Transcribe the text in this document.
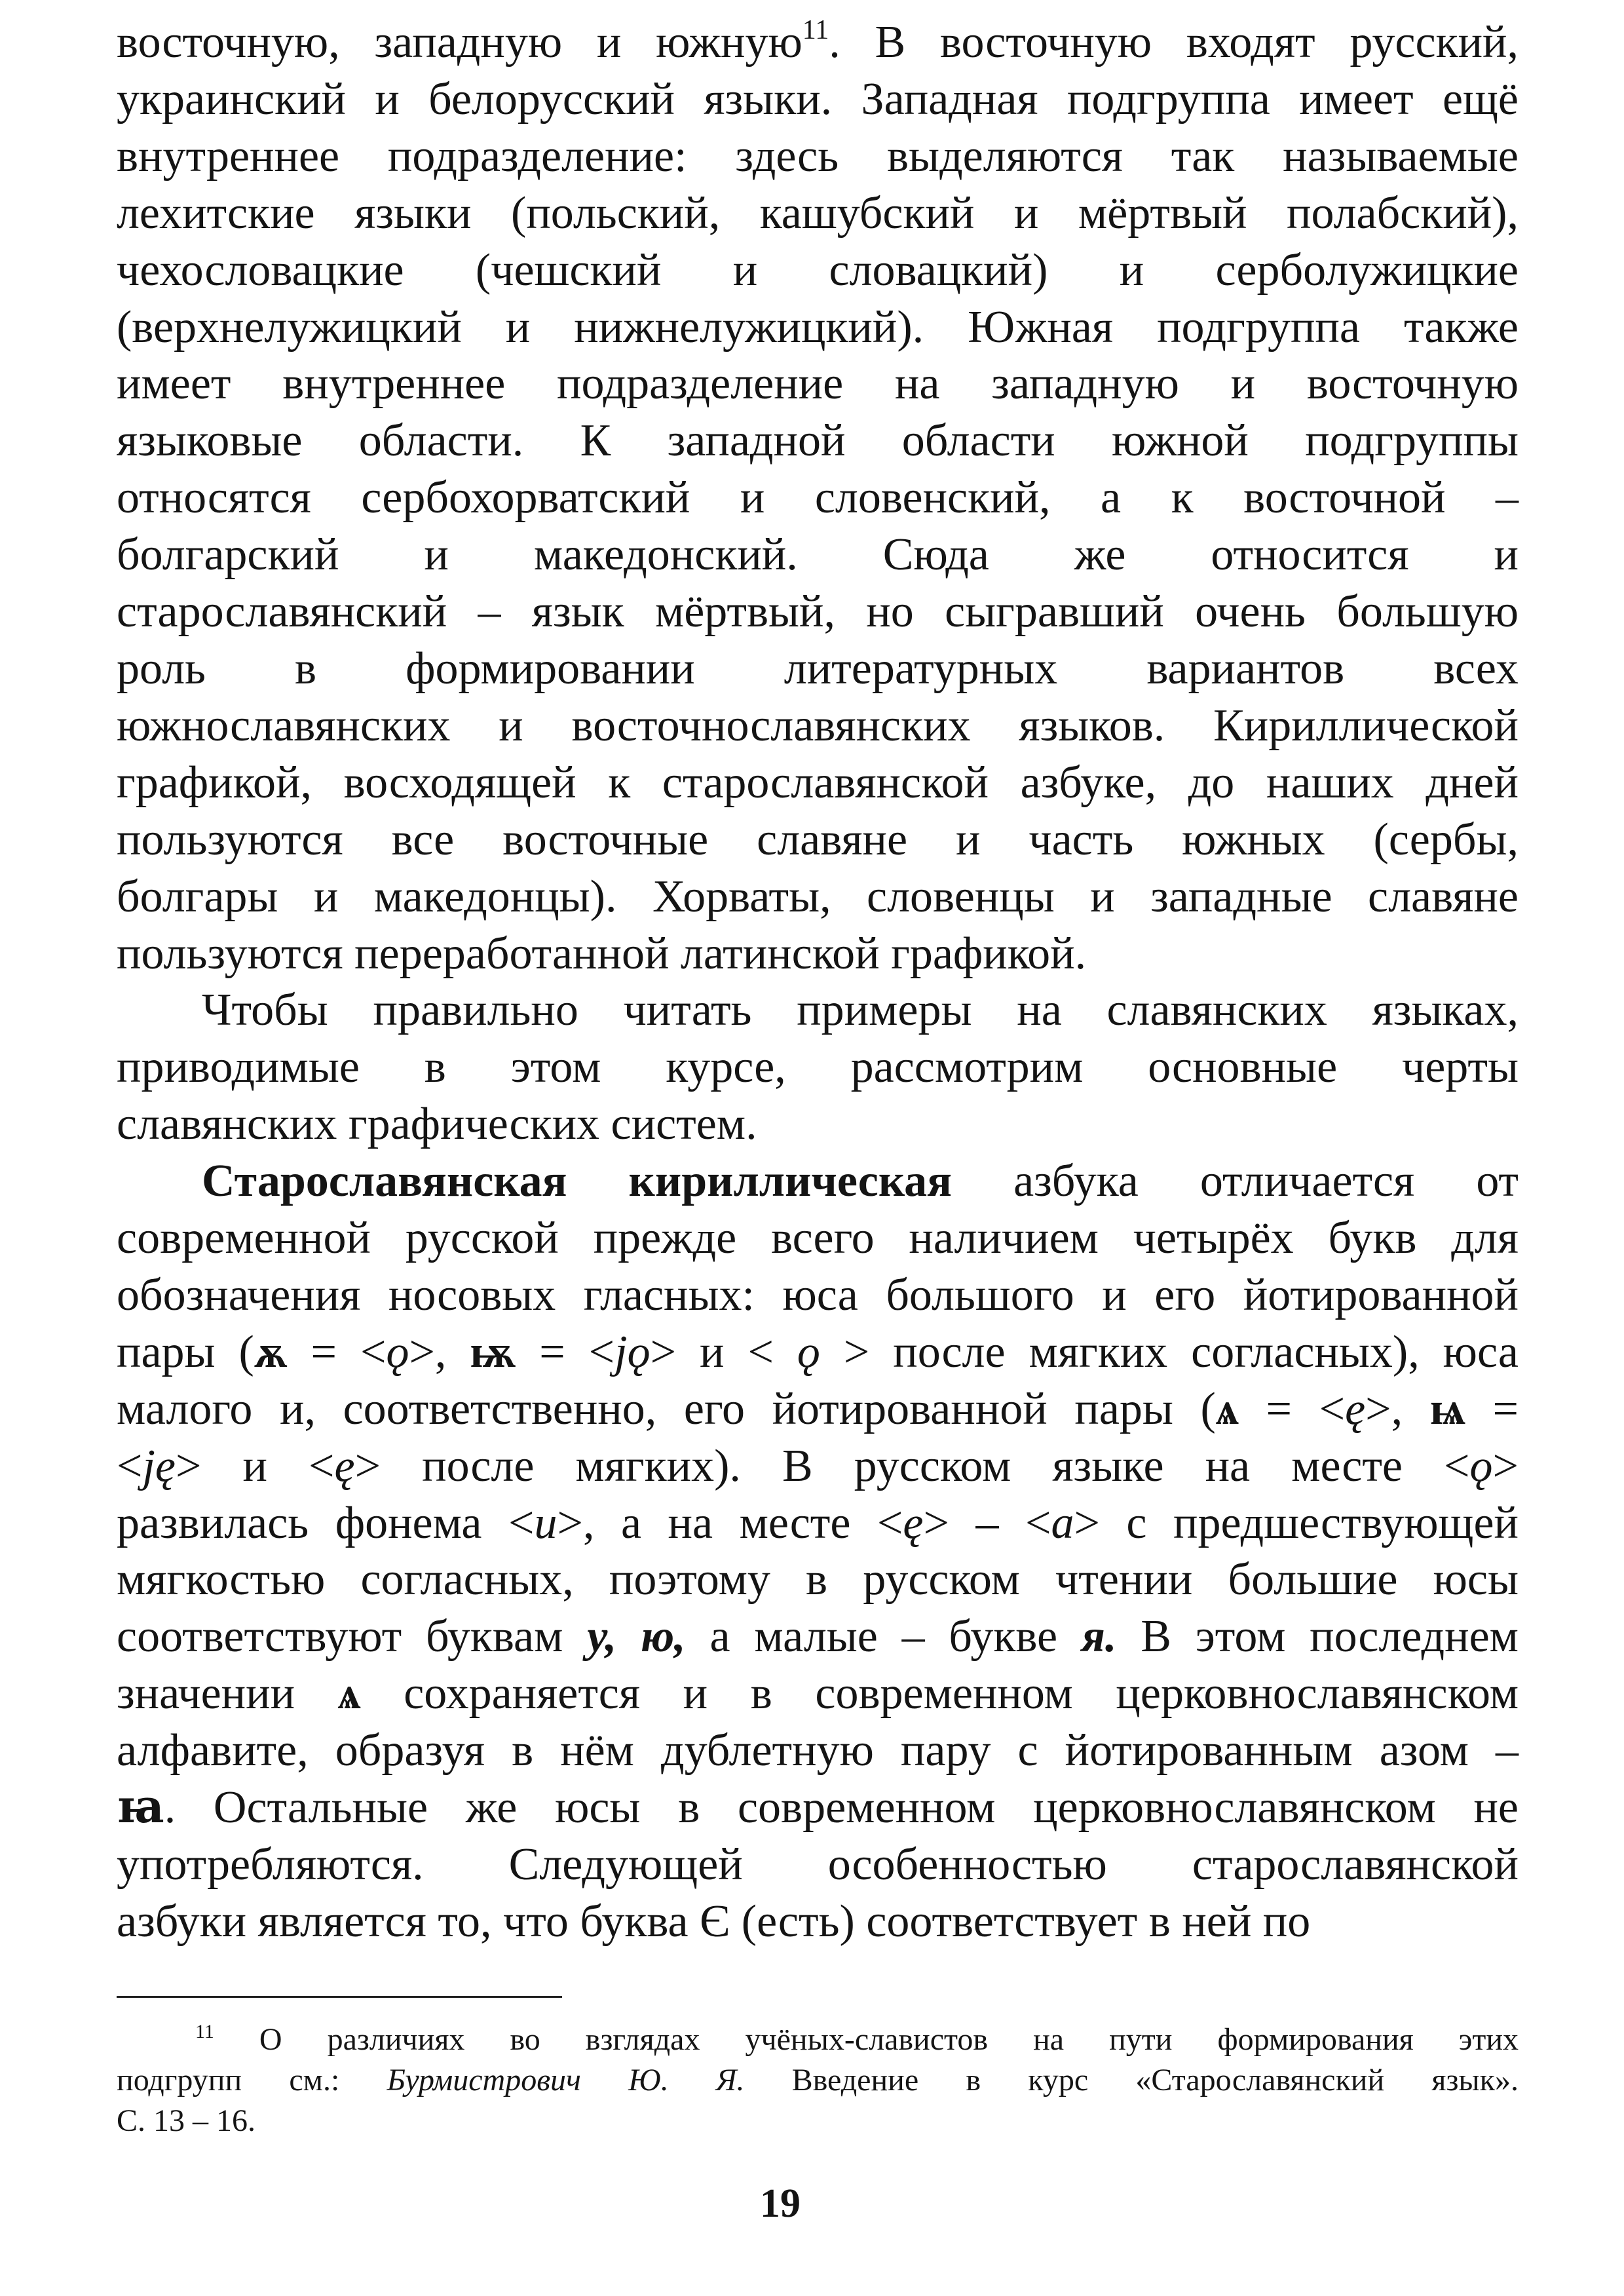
восточную, западную и южную$^{11}$. В восточную входят русский,
украинский и белорусский языки. Западная подгруппа имеет ещё
внутреннее подразделение: здесь выделяются так называемые
лехитские языки (польский, кашубский и мёртвый полабский),
чехословацкие (чешский и словацкий) и серболужицкие
(верхнелужицкий и нижнелужицкий). Южная подгруппа также
имеет внутреннее подразделение на западную и восточную
языковые области. К западной области южной подгруппы
относятся сербохорватский и словенский, а к восточной –
болгарский и македонский. Сюда же относится и
старославянский – язык мёртвый, но сыгравший очень большую
роль в формировании литературных вариантов всех
южнославянских и восточнославянских языков. Кириллической
графикой, восходящей к старославянской азбуке, до наших дней
пользуются все восточные славяне и часть южных (сербы,
болгары и македонцы). Хорваты, словенцы и западные славяне
пользуются переработанной латинской графикой.

Чтобы правильно читать примеры на славянских языках,
приводимые в этом курсе, рассмотрим основные черты
славянских графических систем.

Старославянская кириллическая азбука отличается от
современной русской прежде всего наличием четырёх букв для
обозначения носовых гласных: юса большого и его йотированной
пары (ѫ = <ǫ>, ѭ = <jǫ> и < ǫ > после мягких согласных), юса
малого и, соответственно, его йотированной пары (ѧ = <ę>, ѩ =
<ję> и <ę> после мягких). В русском языке на месте <ǫ>
развилась фонема <u>, а на месте <ę> – <a> с предшествующей
мягкостью согласных, поэтому в русском чтении большие юсы
соответствуют буквам у, ю, а малые – букве я. В этом последнем
значении ѧ сохраняется и в современном церковнославянском
алфавите, образуя в нём дублетную пару с йотированным азом –
ꙗ. Остальные же юсы в современном церковнославянском не
употребляются. Следующей особенностью старославянской
азбуки является то, что буква Є (есть) соответствует в ней по

$^{11}$ О различиях во взглядах учёных-славистов на пути формирования этих
подгрупп см.: Бурмистрович Ю. Я. Введение в курс «Старославянский язык».
С. 13 – 16.
19
